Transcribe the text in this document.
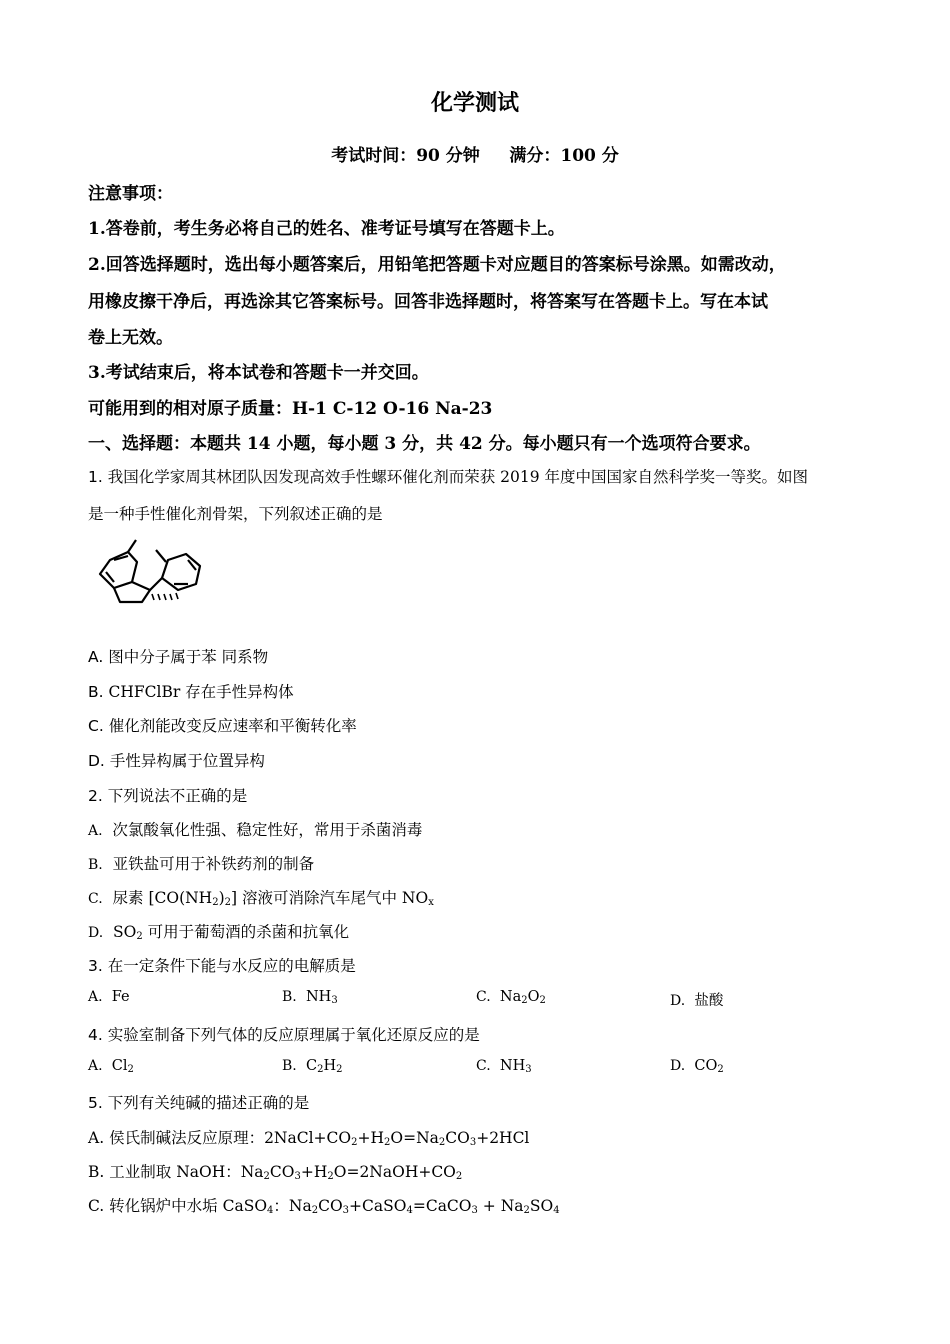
化学测试
考试时间：90 分钟 满分：100 分
注意事项：
1.答卷前，考生务必将自己的姓名、准考证号填写在答题卡上。
2.回答选择题时，选出每小题答案后，用铅笔把答题卡对应题目的答案标号涂黑。如需改动，
用橡皮擦干净后，再选涂其它答案标号。回答非选择题时，将答案写在答题卡上。写在本试
卷上无效。
3.考试结束后，将本试卷和答题卡一并交回。
可能用到的相对原子质量：H-1 C-12 O-16 Na-23
一、选择题：本题共 14 小题，每小题 3 分，共 42 分。每小题只有一个选项符合要求。
1. 我国化学家周其林团队因发现高效手性螺环催化剂而荣获 2019 年度中国国家自然科学奖一等奖。如图
是一种手性催化剂骨架，下列叙述正确的是
A. 图中分子属于苯 同系物
B. CHFClBr 存在手性异构体
C. 催化剂能改变反应速率和平衡转化率
D. 手性异构属于位置异构
2. 下列说法不正确的是
A. 次氯酸氧化性强、稳定性好，常用于杀菌消毒
B. 亚铁盐可用于补铁药剂的制备
C. 尿素 $[CO(NH_2)_2]$ 溶液可消除汽车尾气中 $NO_x$
D. $SO_2$ 可用于葡萄酒的杀菌和抗氧化
3. 在一定条件下能与水反应的电解质是
A. Fe	B. $NH_3$	C. $Na_2O_2$	D. 盐酸
4. 实验室制备下列气体的反应原理属于氧化还原反应的是
A. $Cl_2$	B. $C_2H_2$	C. $NH_3$	D. $CO_2$
5. 下列有关纯碱的描述正确的是
A. 侯氏制碱法反应原理：$2NaCl+CO_2+H_2O=Na_2CO_3+2HCl$
B. 工业制取 NaOH：$Na_2CO_3+H_2O=2NaOH+CO_2$
C. 转化锅炉中水垢 CaSO$_4$：$Na_2CO_3+CaSO_4=CaCO_3 + Na_2SO_4$
